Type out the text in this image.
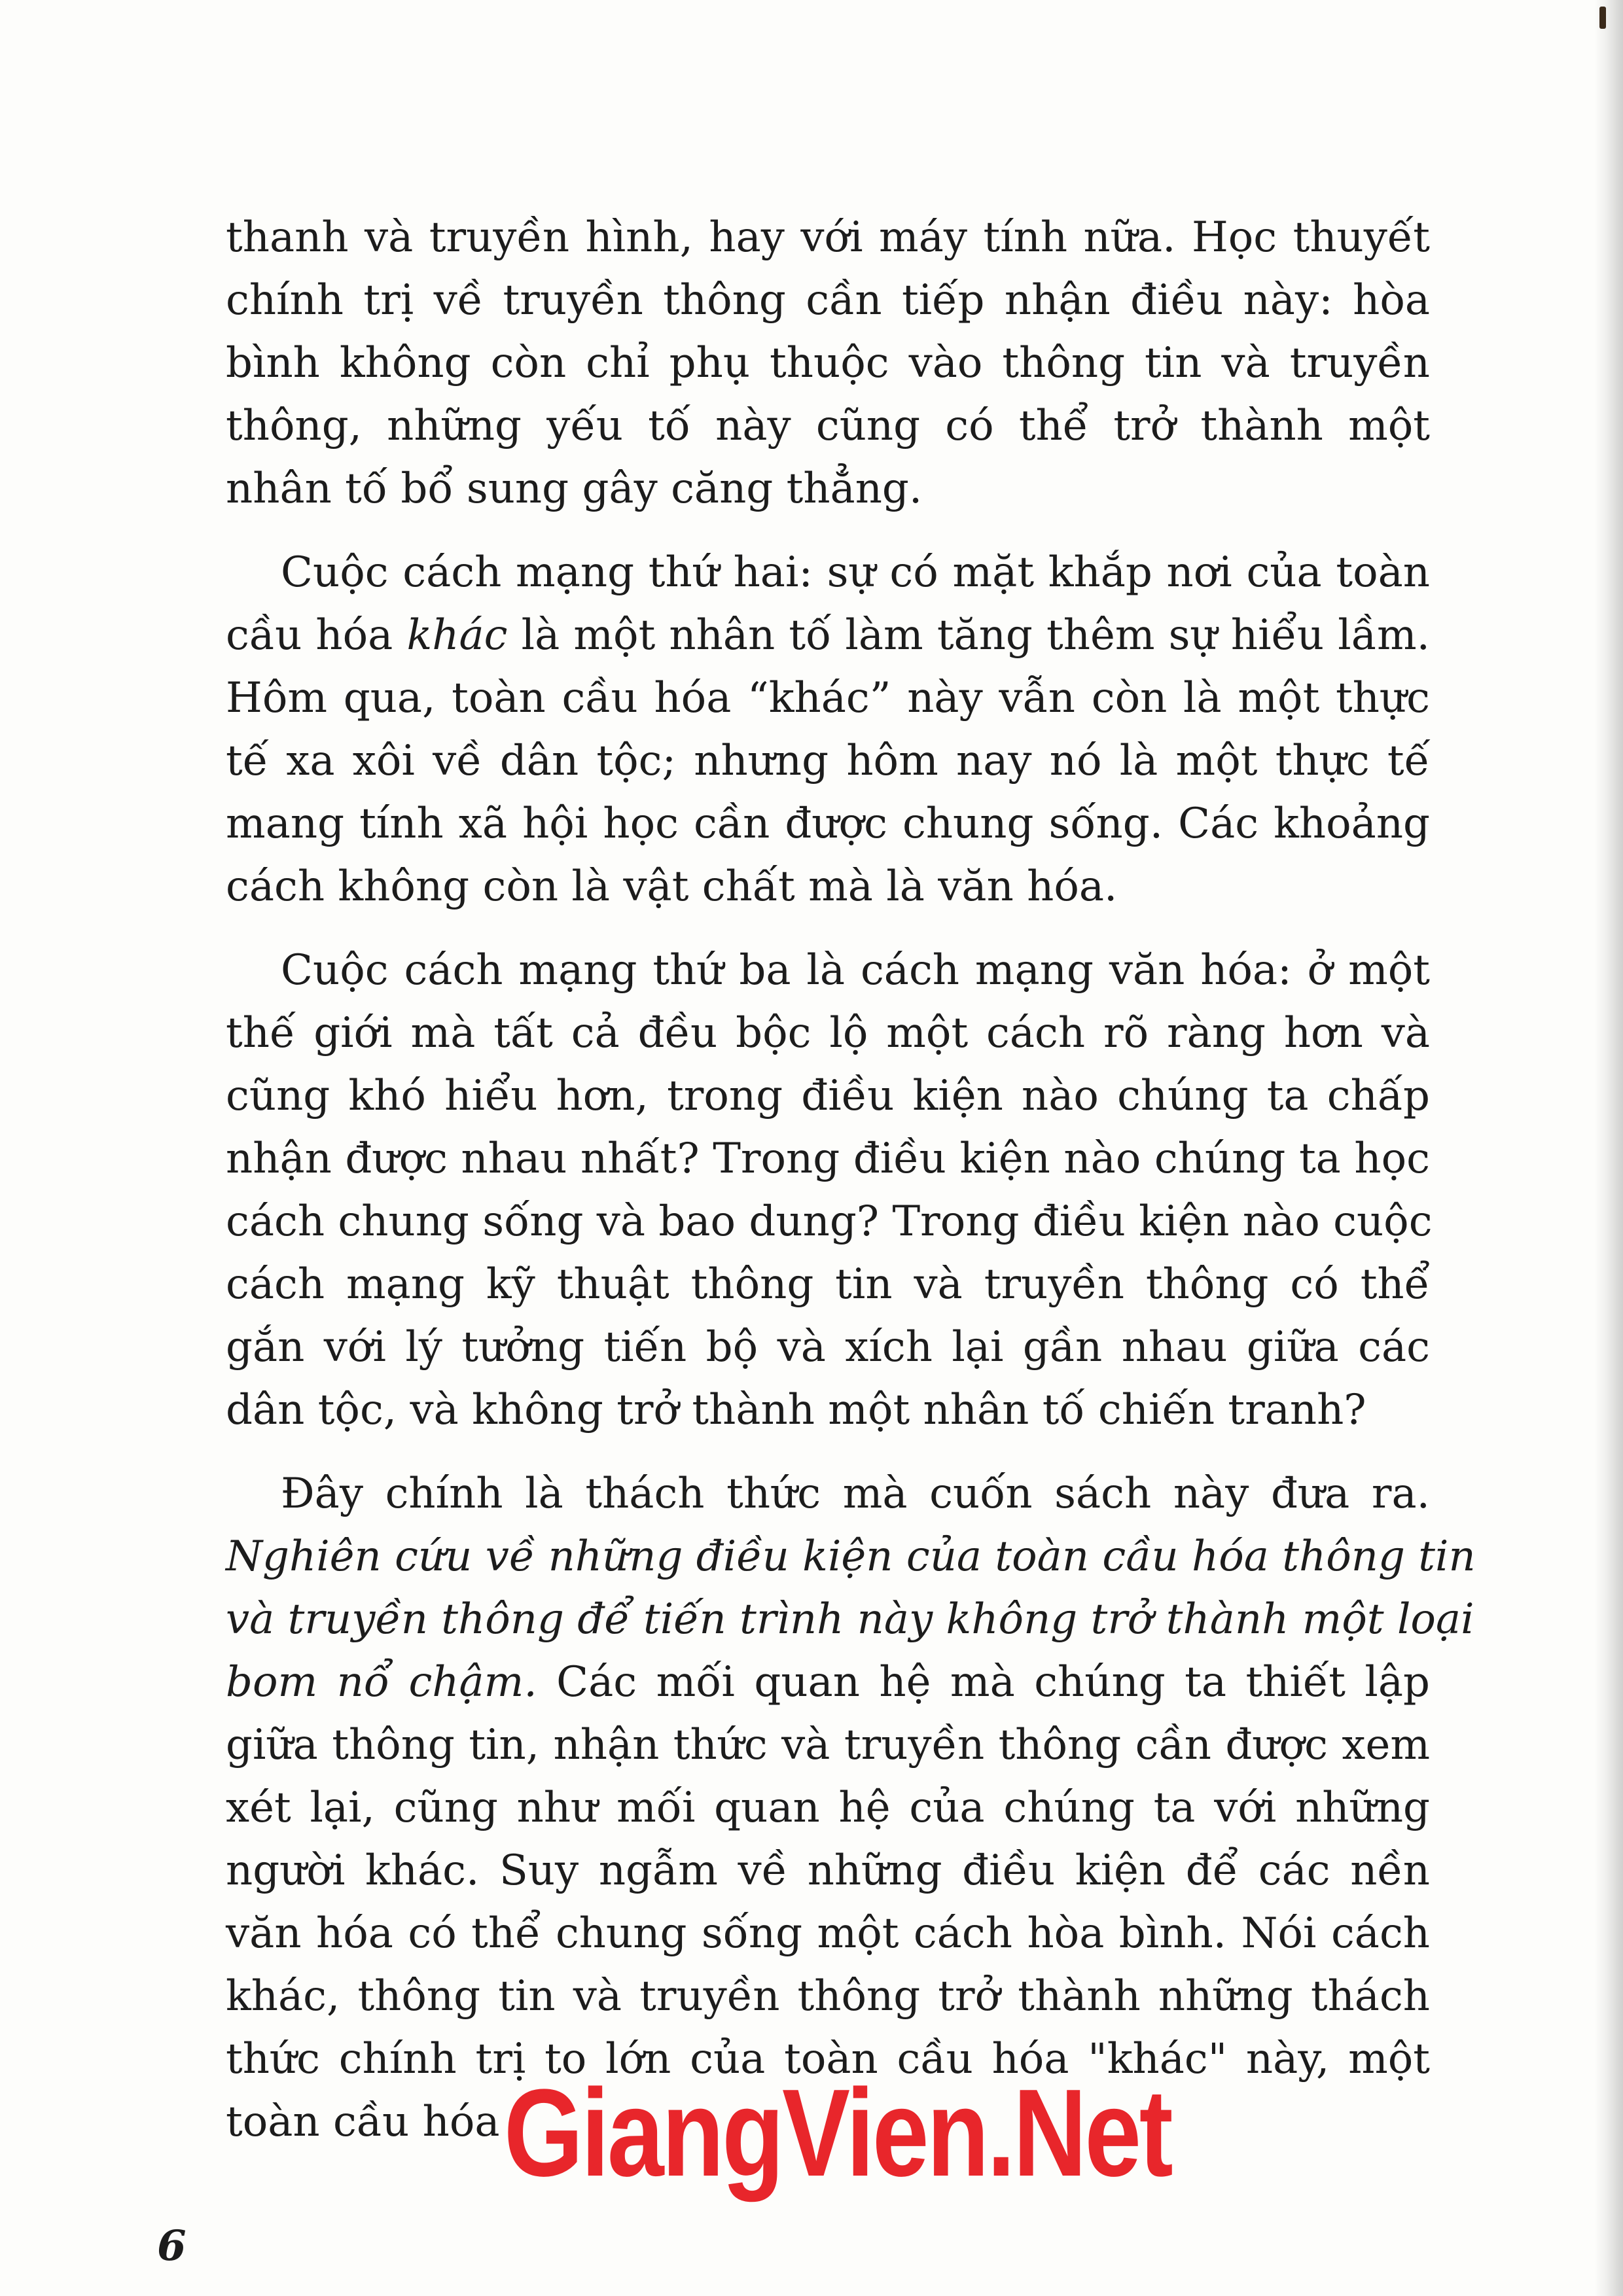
thanh và truyền hình, hay với máy tính nữa. Học thuyết
chính trị về truyền thông cần tiếp nhận điều này: hòa
bình không còn chỉ phụ thuộc vào thông tin và truyền
thông, những yếu tố này cũng có thể trở thành một
nhân tố bổ sung gây căng thẳng.

Cuộc cách mạng thứ hai: sự có mặt khắp nơi của toàn
cầu hóa khác là một nhân tố làm tăng thêm sự hiểu lầm.
Hôm qua, toàn cầu hóa “khác” này vẫn còn là một thực
tế xa xôi về dân tộc; nhưng hôm nay nó là một thực tế
mang tính xã hội học cần được chung sống. Các khoảng
cách không còn là vật chất mà là văn hóa.

Cuộc cách mạng thứ ba là cách mạng văn hóa: ở một
thế giới mà tất cả đều bộc lộ một cách rõ ràng hơn và
cũng khó hiểu hơn, trong điều kiện nào chúng ta chấp
nhận được nhau nhất? Trong điều kiện nào chúng ta học
cách chung sống và bao dung? Trong điều kiện nào cuộc
cách mạng kỹ thuật thông tin và truyền thông có thể
gắn với lý tưởng tiến bộ và xích lại gần nhau giữa các
dân tộc, và không trở thành một nhân tố chiến tranh?

Đây chính là thách thức mà cuốn sách này đưa ra.
Nghiên cứu về những điều kiện của toàn cầu hóa thông tin
và truyền thông để tiến trình này không trở thành một loại
bom nổ chậm. Các mối quan hệ mà chúng ta thiết lập
giữa thông tin, nhận thức và truyền thông cần được xem
xét lại, cũng như mối quan hệ của chúng ta với những
người khác. Suy ngẫm về những điều kiện để các nền
văn hóa có thể chung sống một cách hòa bình. Nói cách
khác, thông tin và truyền thông trở thành những thách
thức chính trị to lớn của toàn cầu hóa "khác" này, một
toàn cầu hóa GiangVien.Net
6
